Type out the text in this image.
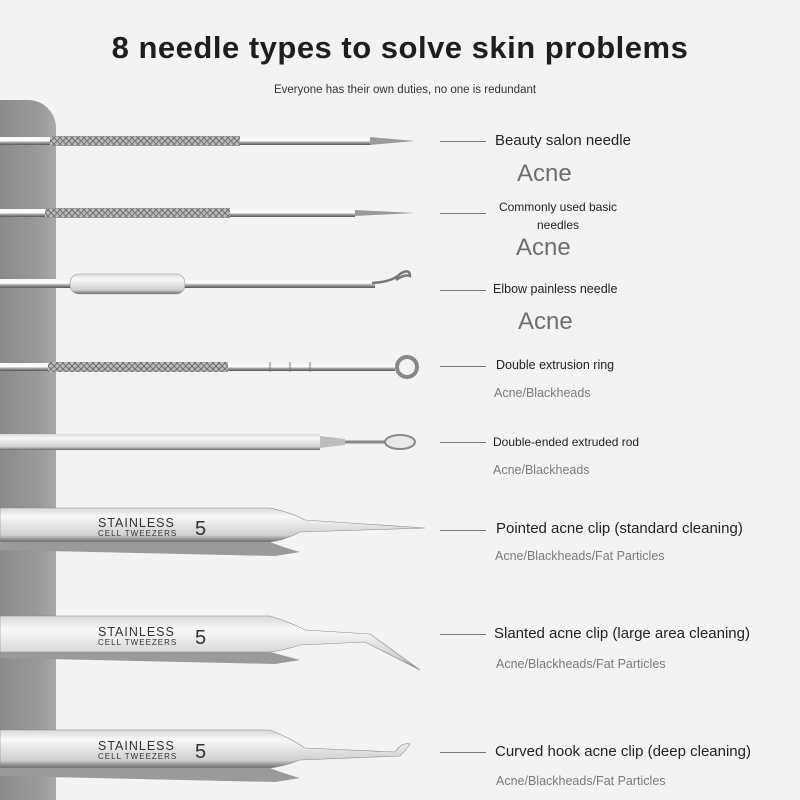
8 needle types to solve skin problems
Everyone has their own duties, no one is redundant
STAINLESS
CELL TWEEZERS 5
STAINLESS
CELL TWEEZERS 5
STAINLESS
CELL TWEEZERS 5
Beauty salon needle
Acne
Commonly used basic needles
Acne
Elbow painless needle
Acne
Double extrusion ring
Acne/Blackheads
Double-ended extruded rod
Acne/Blackheads
Pointed acne clip (standard cleaning)
Acne/Blackheads/Fat Particles
Slanted acne clip (large area cleaning)
Acne/Blackheads/Fat Particles
Curved hook acne clip (deep cleaning)
Acne/Blackheads/Fat Particles
